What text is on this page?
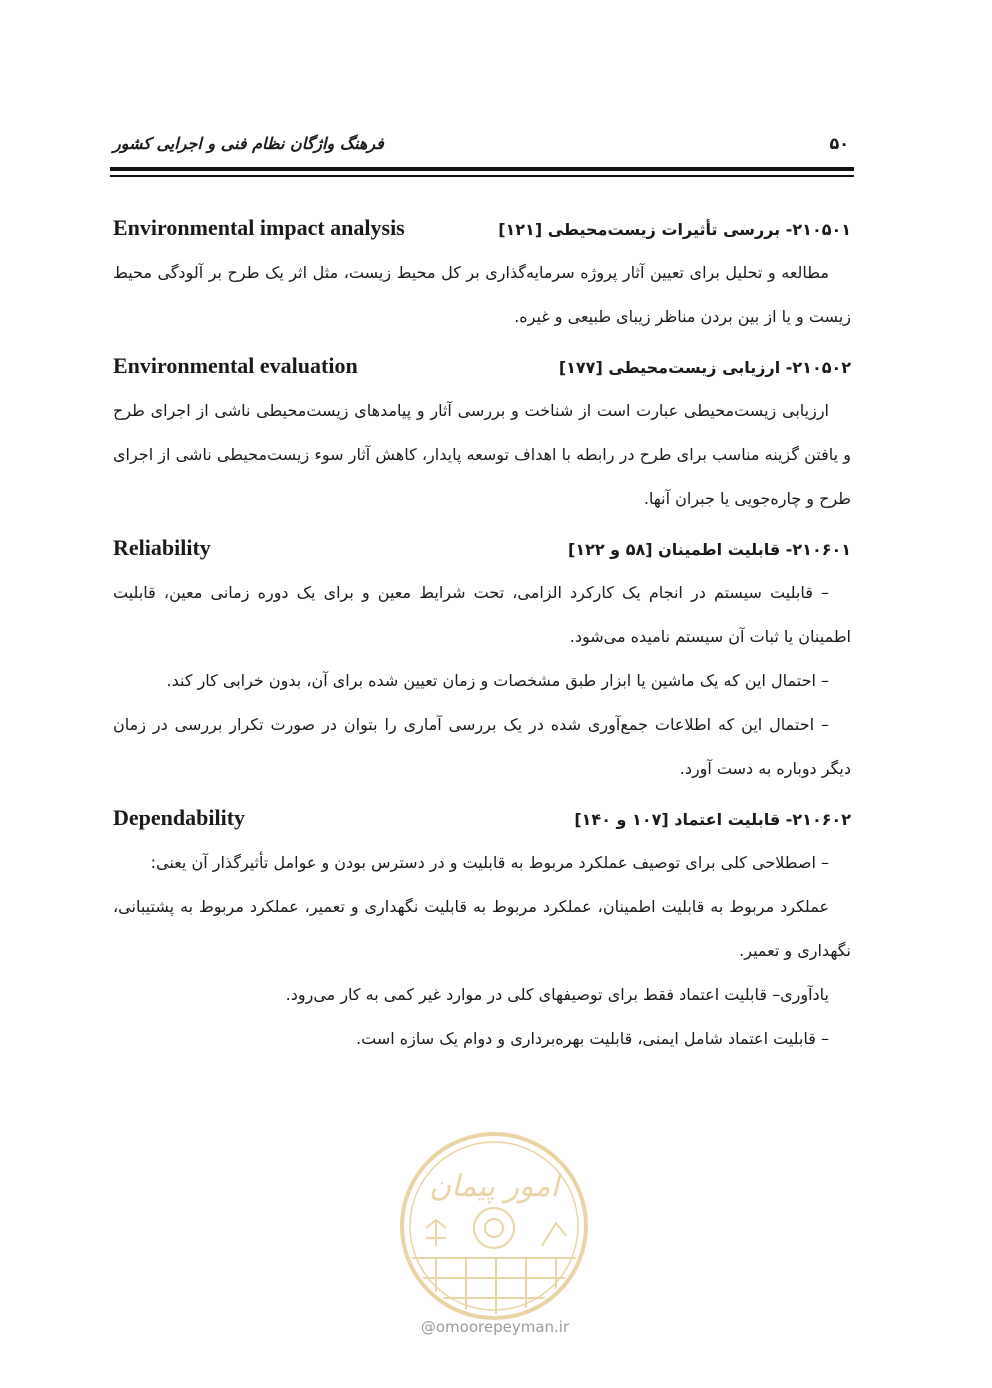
فرهنگ واژگان نظام فنی و اجرایی کشور	۵۰
Environmental impact analysis	۲۱۰۵۰۱- بررسی تأثیرات زیست‌محیطی [۱۲۱]

مطالعه و تحلیل برای تعیین آثار پروژه سرمایه‌گذاری بر کل محیط زیست، مثل اثر یک طرح بر آلودگی محیط زیست و یا از بین بردن مناظر زیبای طبیعی و غیره.

Environmental evaluation	۲۱۰۵۰۲- ارزیابی زیست‌محیطی [۱۷۷]

ارزیابی زیست‌محیطی عبارت است از شناخت و بررسی آثار و پیامدهای زیست‌محیطی ناشی از اجرای طرح و یافتن گزینه مناسب برای طرح در رابطه با اهداف توسعه پایدار، کاهش آثار سوء زیست‌محیطی ناشی از اجرای طرح و چاره‌جویی یا جبران آنها.

Reliability	۲۱۰۶۰۱- قابلیت اطمینان [۵۸ و ۱۲۲]

– قابلیت سیستم در انجام یک کارکرد الزامی، تحت شرایط معین و برای یک دوره زمانی معین، قابلیت اطمینان یا ثبات آن سیستم نامیده می‌شود.

– احتمال این که یک ماشین یا ابزار طبق مشخصات و زمان تعیین شده برای آن، بدون خرابی کار کند.

– احتمال این که اطلاعات جمع‌آوری شده در یک بررسی آماری را بتوان در صورت تکرار بررسی در زمان دیگر دوباره به دست آورد.

Dependability	۲۱۰۶۰۲- قابلیت اعتماد [۱۰۷ و ۱۴۰]

– اصطلاحی کلی برای توصیف عملکرد مربوط به قابلیت و در دسترس بودن و عوامل تأثیرگذار آن یعنی:

عملکرد مربوط به قابلیت اطمینان، عملکرد مربوط به قابلیت نگهداری و تعمیر، عملکرد مربوط به پشتیبانی، نگهداری و تعمیر.

یادآوری– قابلیت اعتماد فقط برای توصیفهای کلی در موارد غیر کمی به کار می‌رود.

– قابلیت اعتماد شامل ایمنی، قابلیت بهره‌برداری و دوام یک سازه است.

امور پیمان
@omoorepeyman.ir
